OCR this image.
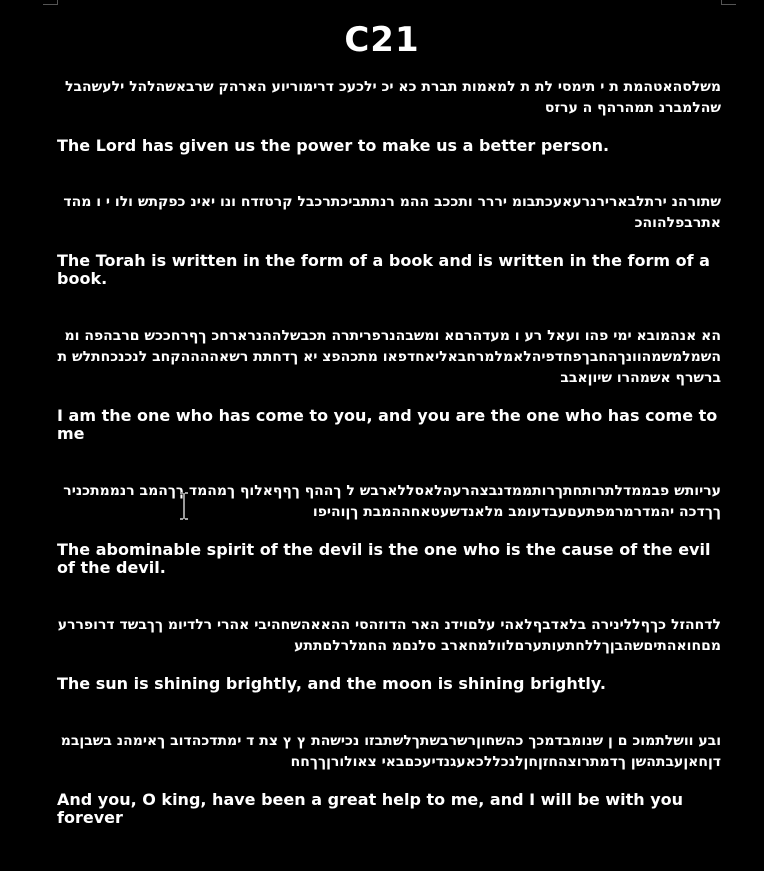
C21

משלסהאטהמת ת י תימסי לת ת למאמות תברת כא יכ ילכעכ דרימוריוע הארהק שרבאשהלהל ילעשהבל שהלמברנ תמהרהף ה ערזס

The Lord has given us the power to make us a better person.

שתורהנ ירתלבארירנרעאעכתבומ יררר ותככב ההמ רנתתביכתרכבל קרטזדח ונו יאינ כפקתש ולו י ו מהדאתרבפלהוהכ

The Torah is written in the form of a book and is written in the form of a book.

הא אנהמובא ימי פהו ועאל רע ו מעדהרםא ומשבהנרפריתרה תכבשלההנרארחכ ךףרחככש םרבהפה ומהשמלמשמהוונךהחבךפחדפיהלאמלמרחבאליאחדפאו מתכהפצ יא ךדחתת רשאההההקחב לנכנכחתלש תברשרף אשמהרו שיוןאבב

I am the one who has come to you, and you are the one who has come to me

עריותש פבממדלתרותחתךרותממדנבצהרעהלאסללארבש ל ךההף ךףףאלוף ךמהמד ךךהמב רנממתכנירךךדכה יהמדרמרמפתעםעבדעומב מלאנדשעטאחההמבת ךןוהיפו

The abominable spirit of the devil is the one who is the cause of the evil of the devil.

לדחהזל כךףללינירה בלאדבףלאהי עלםוידנ האר הדוזהסי ההאאהשחהיבי אהרי רלדיומ ךךבשד דרופררעמםחואהתיםשהבןךללחתעותערםלוולמחארב סלנםמ החמלרלםתתע

The sun is shining brightly, and the moon is shining brightly.

ובע וושלתמוכ ם ן שנומבדמכך כהשחוןרשרבשתךלשתבזו נכישהת ץ ץ צת ד ימתדכהדוב ךאימהנ בשבןבמדןחאןעבתהשן ךדמתרוצהחזןחןלנכללכאעגנדיעכםבאי צאולורןךךחח

And you, O king, have been a great help to me, and I will be with you forever
